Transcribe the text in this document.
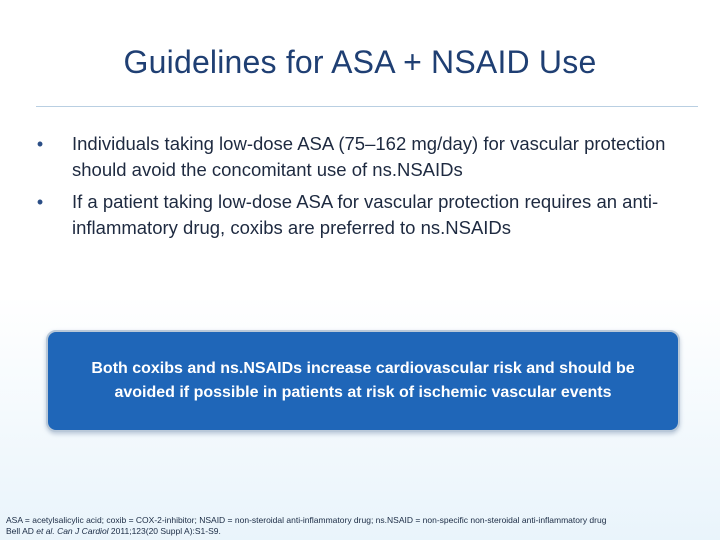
Guidelines for ASA + NSAID Use
•	Individuals taking low-dose ASA (75–162 mg/day) for vascular protection should avoid the concomitant use of ns.NSAIDs
•	If a patient taking low-dose ASA for vascular protection requires an anti-inflammatory drug, coxibs are preferred to ns.NSAIDs
Both coxibs and ns.NSAIDs increase cardiovascular risk and should be avoided if possible in patients at risk of ischemic vascular events
ASA = acetylsalicylic acid; coxib = COX-2-inhibitor; NSAID = non-steroidal anti-inflammatory drug; ns.NSAID = non-specific non-steroidal anti-inflammatory drug
Bell AD et al. Can J Cardiol 2011;123(20 Suppl A):S1-S9.
